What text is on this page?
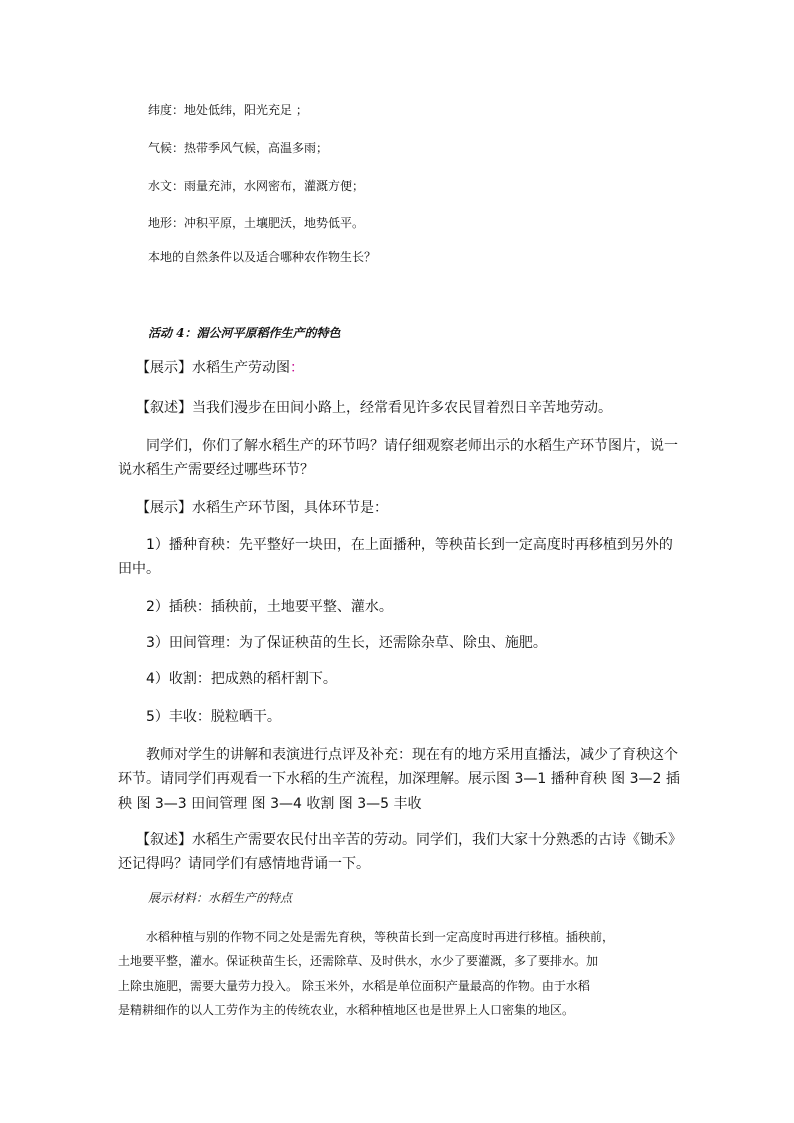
纬度：地处低纬，阳光充足 ；
气候：热带季风气候，高温多雨；
水文：雨量充沛，水网密布，灌溉方便；
地形：冲积平原，土壤肥沃，地势低平。
本地的自然条件以及适合哪种农作物生长？
活动 4：湄公河平原稻作生产的特色
【展示】水稻生产劳动图：
【叙述】当我们漫步在田间小路上，经常看见许多农民冒着烈日辛苦地劳动。
同学们，你们了解水稻生产的环节吗？请仔细观察老师出示的水稻生产环节图片，说一
说水稻生产需要经过哪些环节？
【展示】水稻生产环节图，具体环节是：
1）播种育秧：先平整好一块田，在上面播种，等秧苗长到一定高度时再移植到另外的
田中。
2）插秧：插秧前，土地要平整、灌水。
3）田间管理：为了保证秧苗的生长，还需除杂草、除虫、施肥。
4）收割：把成熟的稻杆割下。
5）丰收：脱粒晒干。
教师对学生的讲解和表演进行点评及补充：现在有的地方采用直播法，减少了育秧这个
环节。请同学们再观看一下水稻的生产流程，加深理解。展示图 3—1 播种育秧 图 3—2 插
秧 图 3—3 田间管理 图 3—4 收割 图 3—5 丰收
【叙述】水稻生产需要农民付出辛苦的劳动。同学们，我们大家十分熟悉的古诗《锄禾》
还记得吗？请同学们有感情地背诵一下。
展示材料：水稻生产的特点
水稻种植与别的作物不同之处是需先育秧，等秧苗长到一定高度时再进行移植。插秧前，
土地要平整，灌水。保证秧苗生长，还需除草、及时供水，水少了要灌溉，多了要排水。加
上除虫施肥，需要大量劳力投入。 除玉米外，水稻是单位面积产量最高的作物。由于水稻
是精耕细作的以人工劳作为主的传统农业，水稻种植地区也是世界上人口密集的地区。
